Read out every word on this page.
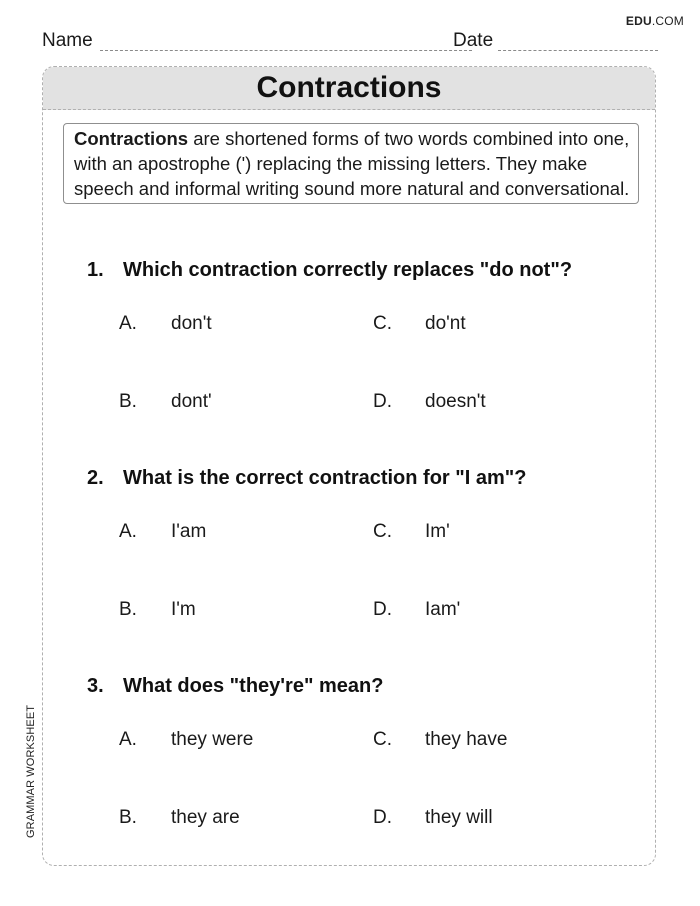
EDU.COM
Name	Date
Contractions
Contractions are shortened forms of two words combined into one, with an apostrophe (') replacing the missing letters. They make speech and informal writing sound more natural and conversational.
1. Which contraction correctly replaces "do not"?
A. don't
B. dont'
C. do'nt
D. doesn't
2. What is the correct contraction for "I am"?
A. I'am
B. I'm
C. Im'
D. Iam'
3. What does "they're" mean?
A. they were
B. they are
C. they have
D. they will
GRAMMAR WORKSHEET
